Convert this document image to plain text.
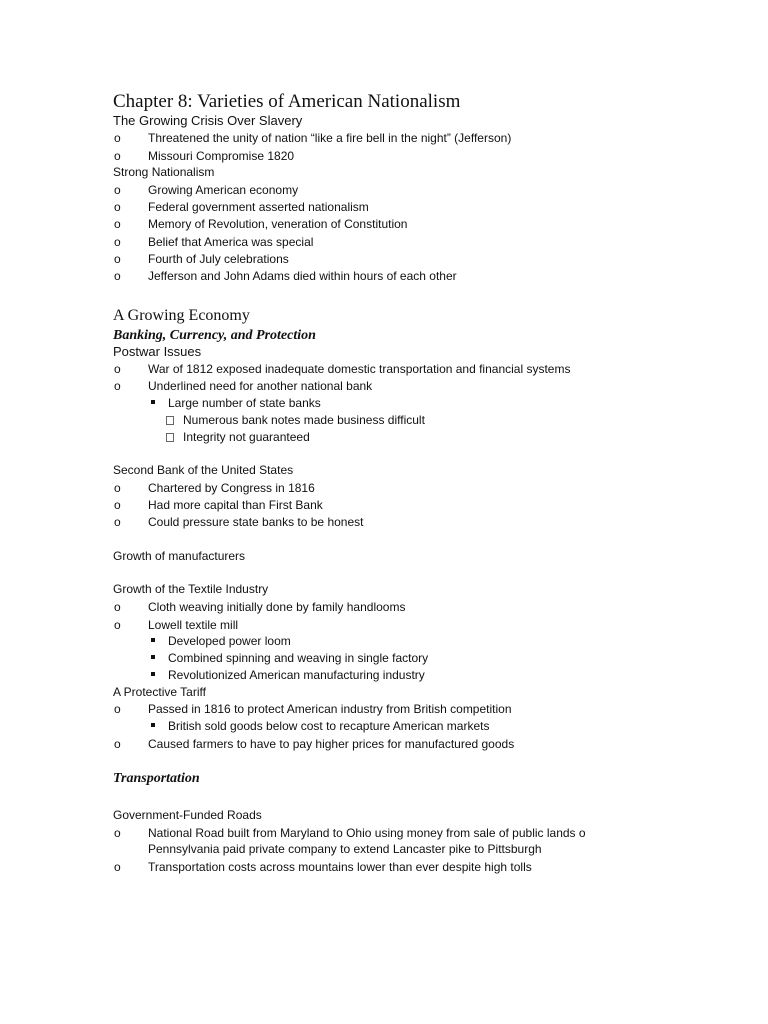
Chapter 8: Varieties of American Nationalism
The Growing Crisis Over Slavery
o Threatened the unity of nation “like a fire bell in the night” (Jefferson)
o Missouri Compromise 1820
Strong Nationalism
o Growing American economy
o Federal government asserted nationalism
o Memory of Revolution, veneration of Constitution
o Belief that America was special
o Fourth of July celebrations
o Jefferson and John Adams died within hours of each other
A Growing Economy
Banking, Currency, and Protection
Postwar Issues
o War of 1812 exposed inadequate domestic transportation and financial systems
o Underlined need for another national bank
Large number of state banks
Numerous bank notes made business difficult
Integrity not guaranteed
Second Bank of the United States
o Chartered by Congress in 1816
o Had more capital than First Bank
o Could pressure state banks to be honest
Growth of manufacturers
Growth of the Textile Industry
o Cloth weaving initially done by family handlooms
o Lowell textile mill
Developed power loom
Combined spinning and weaving in single factory
Revolutionized American manufacturing industry
A Protective Tariff
o Passed in 1816 to protect American industry from British competition
British sold goods below cost to recapture American markets
o Caused farmers to have to pay higher prices for manufactured goods
Transportation
Government-Funded Roads
o National Road built from Maryland to Ohio using money from sale of public lands o
Pennsylvania paid private company to extend Lancaster pike to Pittsburgh
o Transportation costs across mountains lower than ever despite high tolls
